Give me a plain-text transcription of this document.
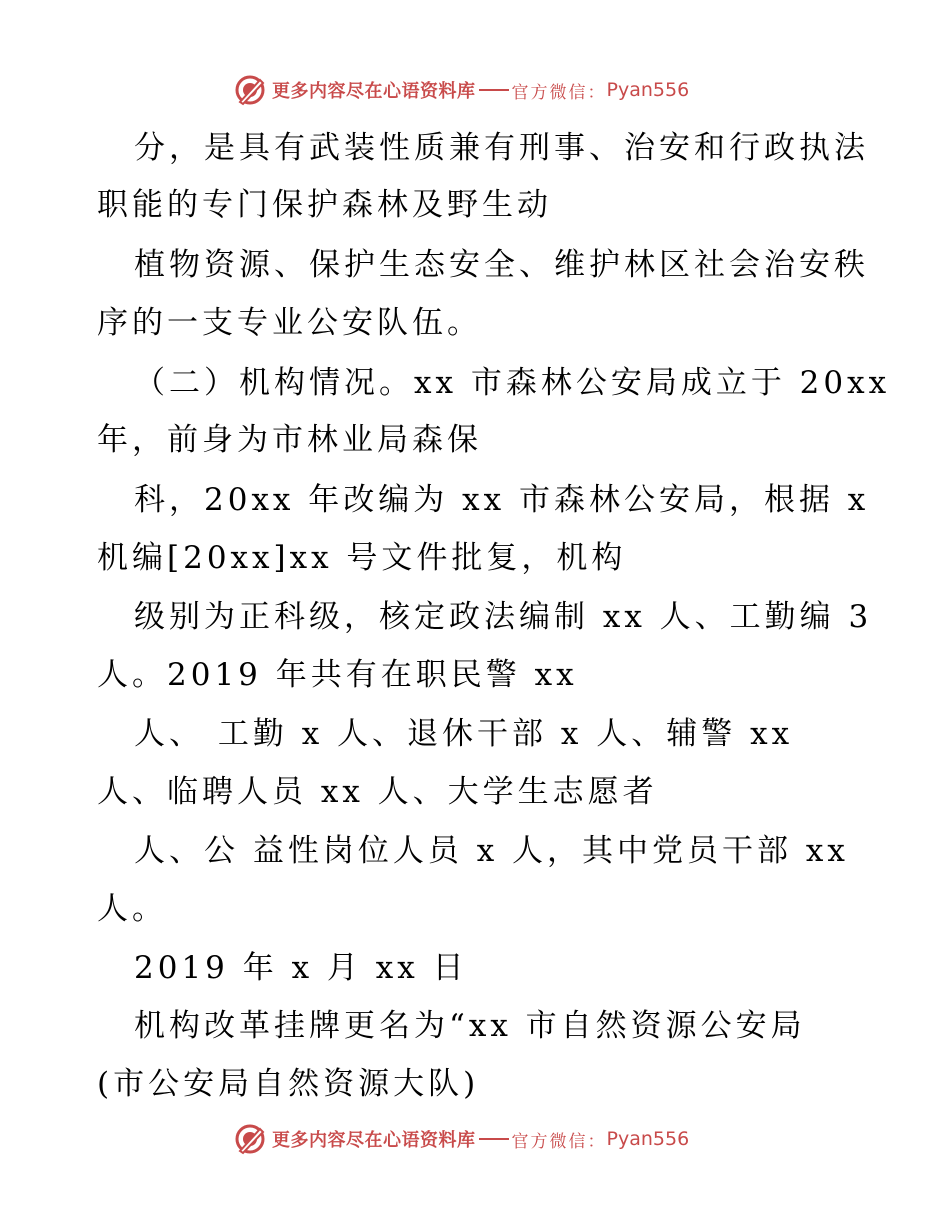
更多内容尽在心语资料库 官方微信： Pyan556
分，是具有武装性质兼有刑事、治安和行政执法
职能的专门保护森林及野生动
植物资源、保护生态安全、维护林区社会治安秩
序的一支专业公安队伍。
（二）机构情况。xx 市森林公安局成立于 20xx
年，前身为市林业局森保
科，20xx 年改编为 xx 市森林公安局，根据 x
机编[20xx]xx 号文件批复，机构
级别为正科级，核定政法编制 xx 人、工勤编 3
人。2019 年共有在职民警 xx
人、 工勤 x 人、退休干部 x 人、辅警 xx
人、临聘人员 xx 人、大学生志愿者
人、公 益性岗位人员 x 人，其中党员干部 xx
人。
2019 年 x 月 xx 日
机构改革挂牌更名为“xx 市自然资源公安局
(市公安局自然资源大队)
更多内容尽在心语资料库 官方微信： Pyan556
